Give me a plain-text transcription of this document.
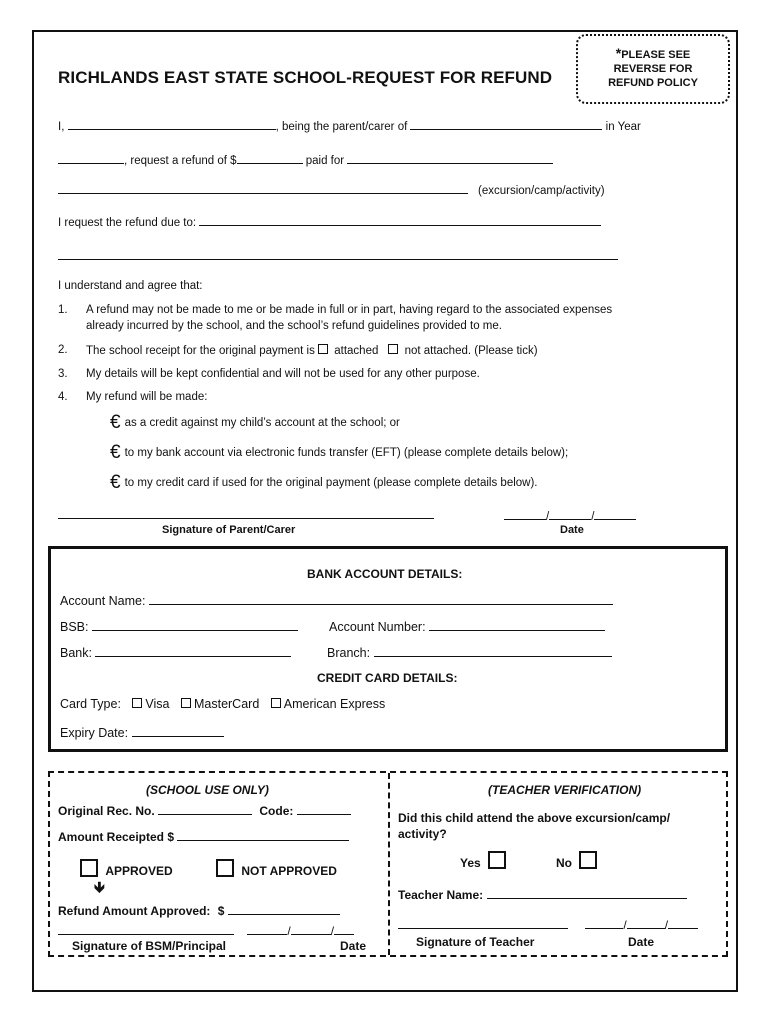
RICHLANDS EAST STATE SCHOOL-REQUEST FOR REFUND
*PLEASE SEE
REVERSE FOR
REFUND POLICY
I,	, being the parent/carer of	in Year
, request a refund of $	paid for
(excursion/camp/activity)
I request the refund due to:
I understand and agree that:
1. A refund may not be made to me or be made in full or in part, having regard to the associated expenses
already incurred by the school, and the school’s refund guidelines provided to me.
2. The school receipt for the original payment is  attached not attached. (Please tick)
3. My details will be kept confidential and will not be used for any other purpose.
4. My refund will be made:
€ as a credit against my child’s account at the school; or
€ to my bank account via electronic funds transfer (EFT) (please complete details below);
€ to my credit card if used for the original payment (please complete details below).
Signature of Parent/Carer
/	/
Date
BANK ACCOUNT DETAILS:
Account Name:
BSB:	Account Number:
Bank:	Branch:
CREDIT CARD DETAILS:
Card Type: Visa MasterCard American Express
Expiry Date:
(SCHOOL USE ONLY)
Original Rec. No.	Code:
Amount Receipted $
APPROVED	NOT APPROVED
🡻
Refund Amount Approved: $
/	/
Signature of BSM/Principal	Date
(TEACHER VERIFICATION)
Did this child attend the above excursion/camp/
activity?
Yes	No
Teacher Name:
/	/
Signature of Teacher	Date
